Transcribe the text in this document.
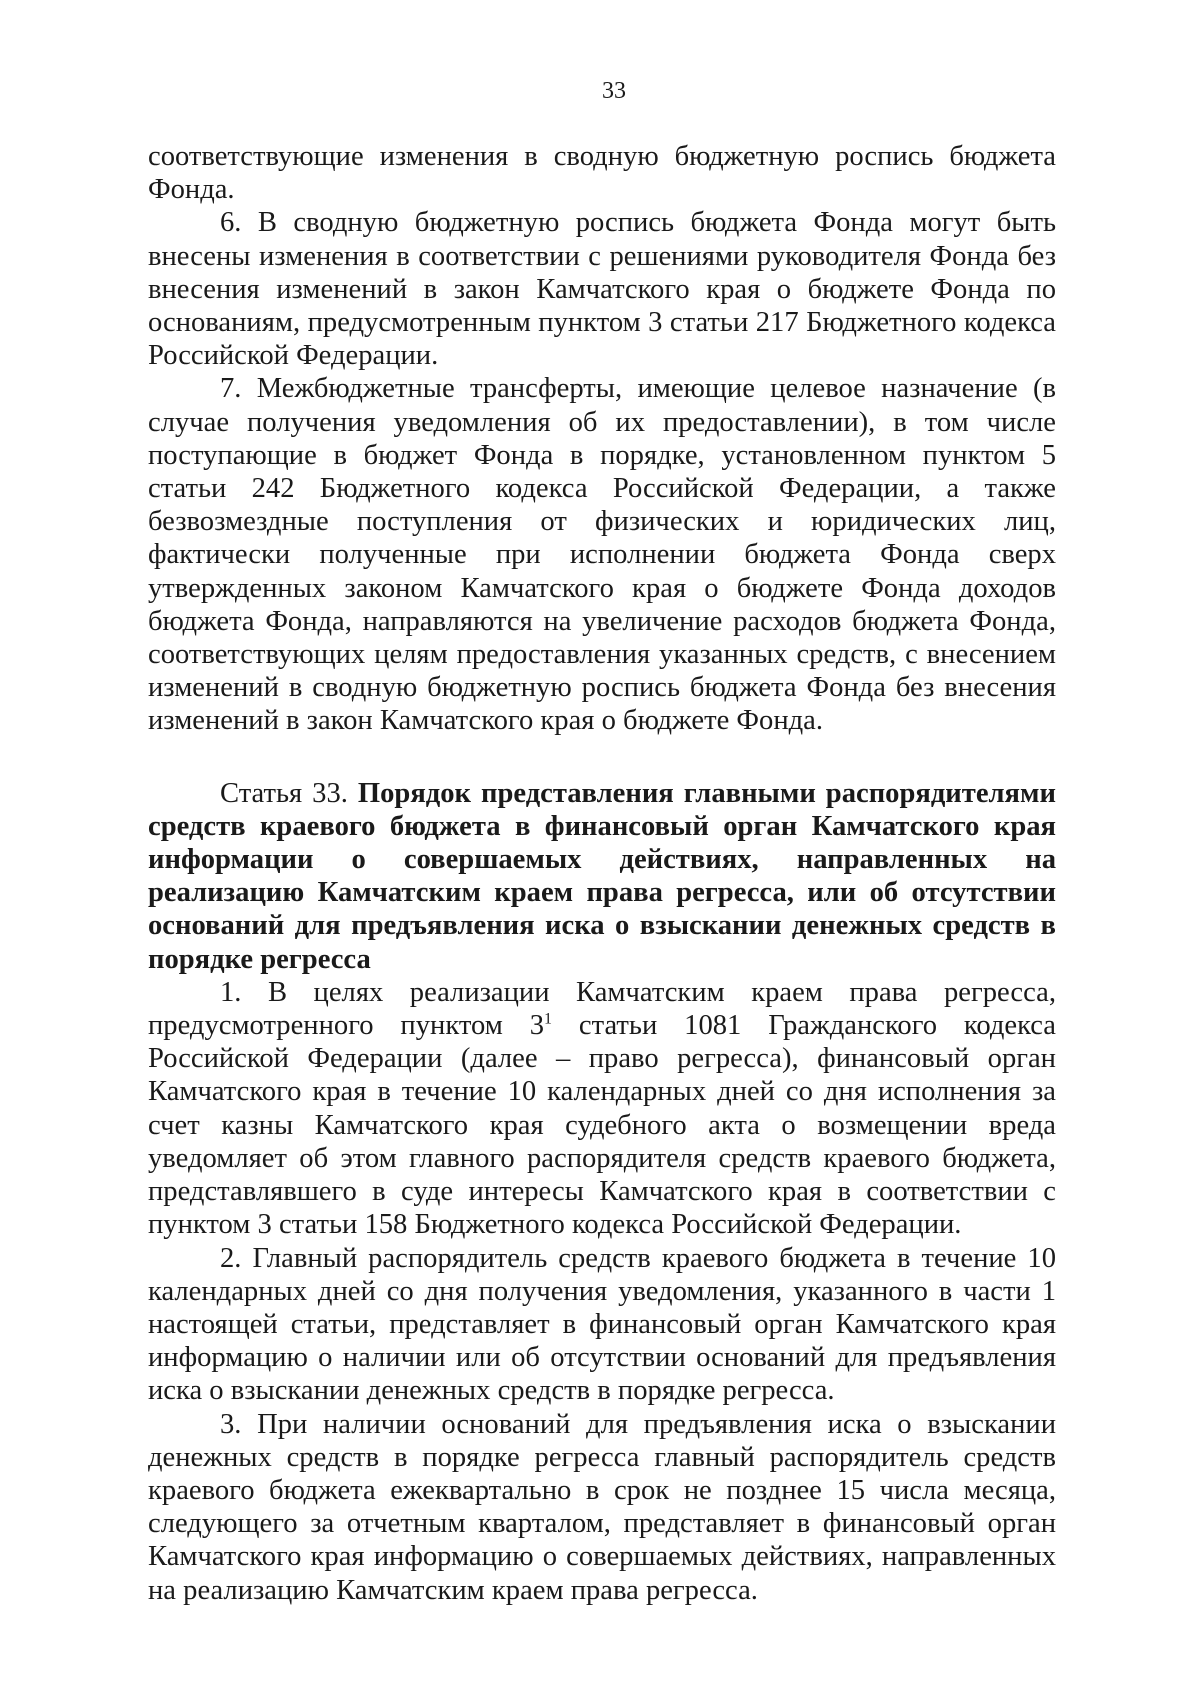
33

соответствующие изменения в сводную бюджетную роспись бюджета Фонда.

6. В сводную бюджетную роспись бюджета Фонда могут быть внесены изменения в соответствии с решениями руководителя Фонда без внесения изменений в закон Камчатского края о бюджете Фонда по основаниям, предусмотренным пунктом 3 статьи 217 Бюджетного кодекса Российской Федерации.

7. Межбюджетные трансферты, имеющие целевое назначение (в случае получения уведомления об их предоставлении), в том числе поступающие в бюджет Фонда в порядке, установленном пунктом 5 статьи 242 Бюджетного кодекса Российской Федерации, а также безвозмездные поступления от физических и юридических лиц, фактически полученные при исполнении бюджета Фонда сверх утвержденных законом Камчатского края о бюджете Фонда доходов бюджета Фонда, направляются на увеличение расходов бюджета Фонда, соответствующих целям предоставления указанных средств, с внесением изменений в сводную бюджетную роспись бюджета Фонда без внесения изменений в закон Камчатского края о бюджете Фонда.

Статья 33. Порядок представления главными распорядителями средств краевого бюджета в финансовый орган Камчатского края информации о совершаемых действиях, направленных на реализацию Камчатским краем права регресса, или об отсутствии оснований для предъявления иска о взыскании денежных средств в порядке регресса

1. В целях реализации Камчатским краем права регресса, предусмотренного пунктом $3^1$ статьи 1081 Гражданского кодекса Российской Федерации (далее – право регресса), финансовый орган Камчатского края в течение 10 календарных дней со дня исполнения за счет казны Камчатского края судебного акта о возмещении вреда уведомляет об этом главного распорядителя средств краевого бюджета, представлявшего в суде интересы Камчатского края в соответствии с пунктом 3 статьи 158 Бюджетного кодекса Российской Федерации.

2. Главный распорядитель средств краевого бюджета в течение 10 календарных дней со дня получения уведомления, указанного в части 1 настоящей статьи, представляет в финансовый орган Камчатского края информацию о наличии или об отсутствии оснований для предъявления иска о взыскании денежных средств в порядке регресса.

3. При наличии оснований для предъявления иска о взыскании денежных средств в порядке регресса главный распорядитель средств краевого бюджета ежеквартально в срок не позднее 15 числа месяца, следующего за отчетным кварталом, представляет в финансовый орган Камчатского края информацию о совершаемых действиях, направленных на реализацию Камчатским краем права регресса.
